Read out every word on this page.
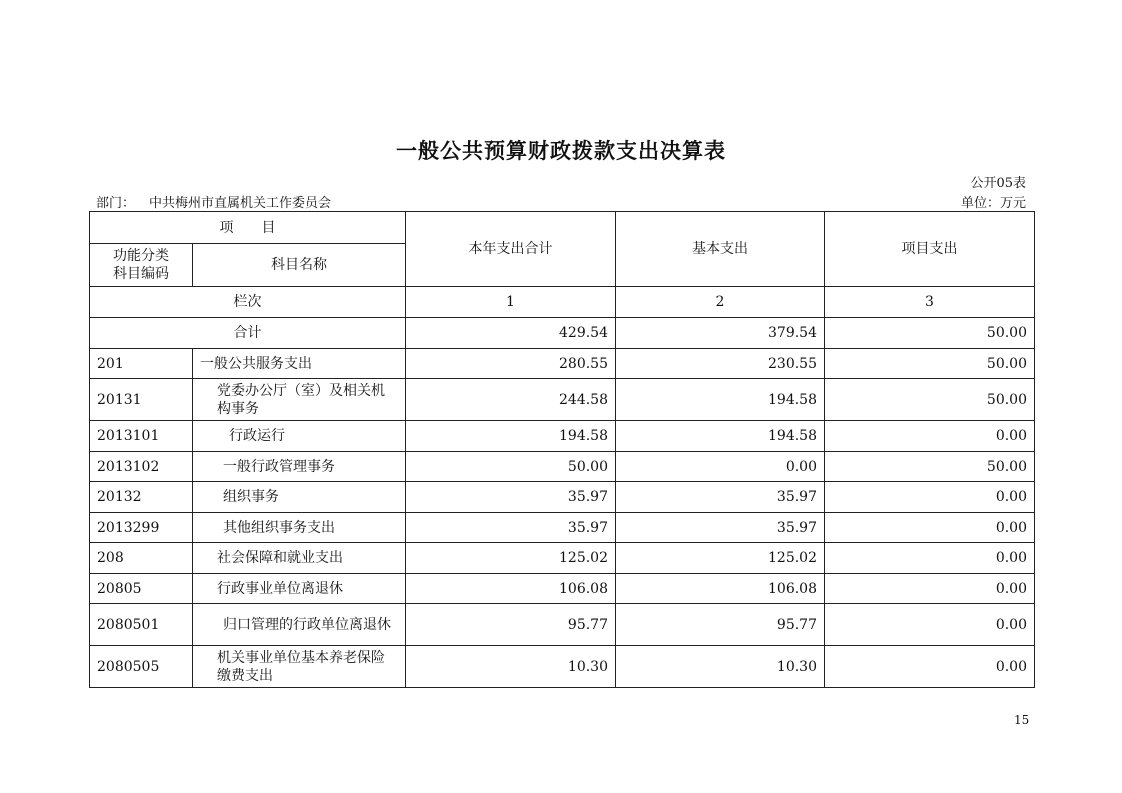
一般公共预算财政拨款支出决算表
公开05表
部门： 中共梅州市直属机关工作委员会	单位：万元
项　　目		本年支出合计	基本支出	项目支出
功能分类
科目编码	科目名称			
栏次		1	2	3
合计		429.54	379.54	50.00
201	一般公共服务支出	280.55	230.55	50.00
20131	党委办公厅（室）及相关机构事务	244.58	194.58	50.00
2013101	行政运行	194.58	194.58	0.00
2013102	一般行政管理事务	50.00	0.00	50.00
20132	组织事务	35.97	35.97	0.00
2013299	其他组织事务支出	35.97	35.97	0.00
208	社会保障和就业支出	125.02	125.02	0.00
20805	行政事业单位离退休	106.08	106.08	0.00
2080501	归口管理的行政单位离退休	95.77	95.77	0.00
2080505	机关事业单位基本养老保险缴费支出	10.30	10.30	0.00
15
